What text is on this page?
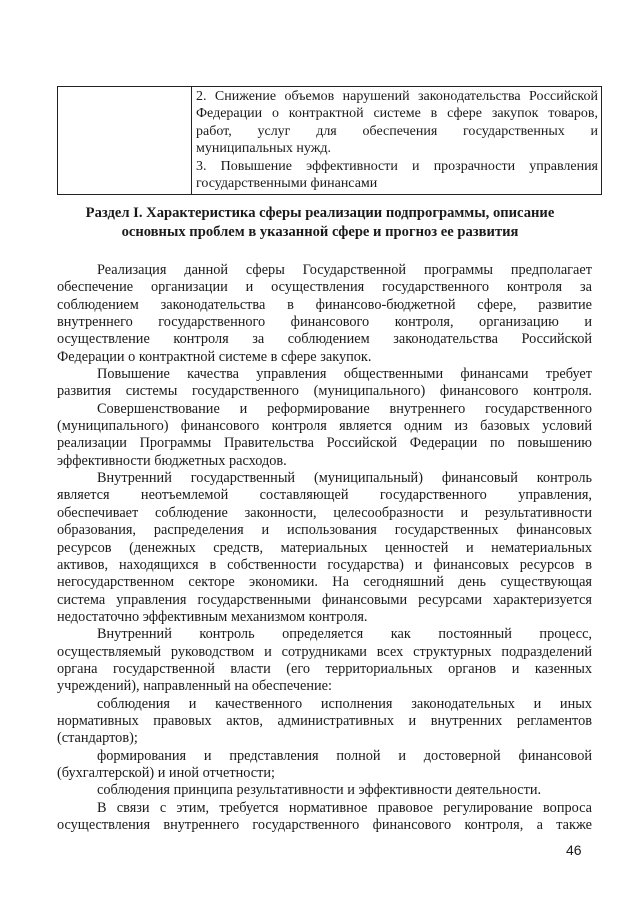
2. Снижение объемов нарушений законодательства Российской
Федерации о контрактной системе в сфере закупок товаров,
работ, услуг для обеспечения государственных и
муниципальных нужд.
3. Повышение эффективности и прозрачности управления
государственными финансами
Раздел I. Характеристика сферы реализации подпрограммы, описание
основных проблем в указанной сфере и прогноз ее развития
Реализация данной сферы Государственной программы предполагает
обеспечение организации и осуществления государственного контроля за
соблюдением законодательства в финансово-бюджетной сфере, развитие
внутреннего государственного финансового контроля, организацию и
осуществление контроля за соблюдением законодательства Российской
Федерации о контрактной системе в сфере закупок.
Повышение качества управления общественными финансами требует
развития системы государственного (муниципального) финансового контроля.
Совершенствование и реформирование внутреннего государственного
(муниципального) финансового контроля является одним из базовых условий
реализации Программы Правительства Российской Федерации по повышению
эффективности бюджетных расходов.
Внутренний государственный (муниципальный) финансовый контроль
является неотъемлемой составляющей государственного управления,
обеспечивает соблюдение законности, целесообразности и результативности
образования, распределения и использования государственных финансовых
ресурсов (денежных средств, материальных ценностей и нематериальных
активов, находящихся в собственности государства) и финансовых ресурсов в
негосударственном секторе экономики. На сегодняшний день существующая
система управления государственными финансовыми ресурсами характеризуется
недостаточно эффективным механизмом контроля.
Внутренний контроль определяется как постоянный процесс,
осуществляемый руководством и сотрудниками всех структурных подразделений
органа государственной власти (его территориальных органов и казенных
учреждений), направленный на обеспечение:
соблюдения и качественного исполнения законодательных и иных
нормативных правовых актов, административных и внутренних регламентов
(стандартов);
формирования и представления полной и достоверной финансовой
(бухгалтерской) и иной отчетности;
соблюдения принципа результативности и эффективности деятельности.
В связи с этим, требуется нормативное правовое регулирование вопроса
осуществления внутреннего государственного финансового контроля, а также
46
